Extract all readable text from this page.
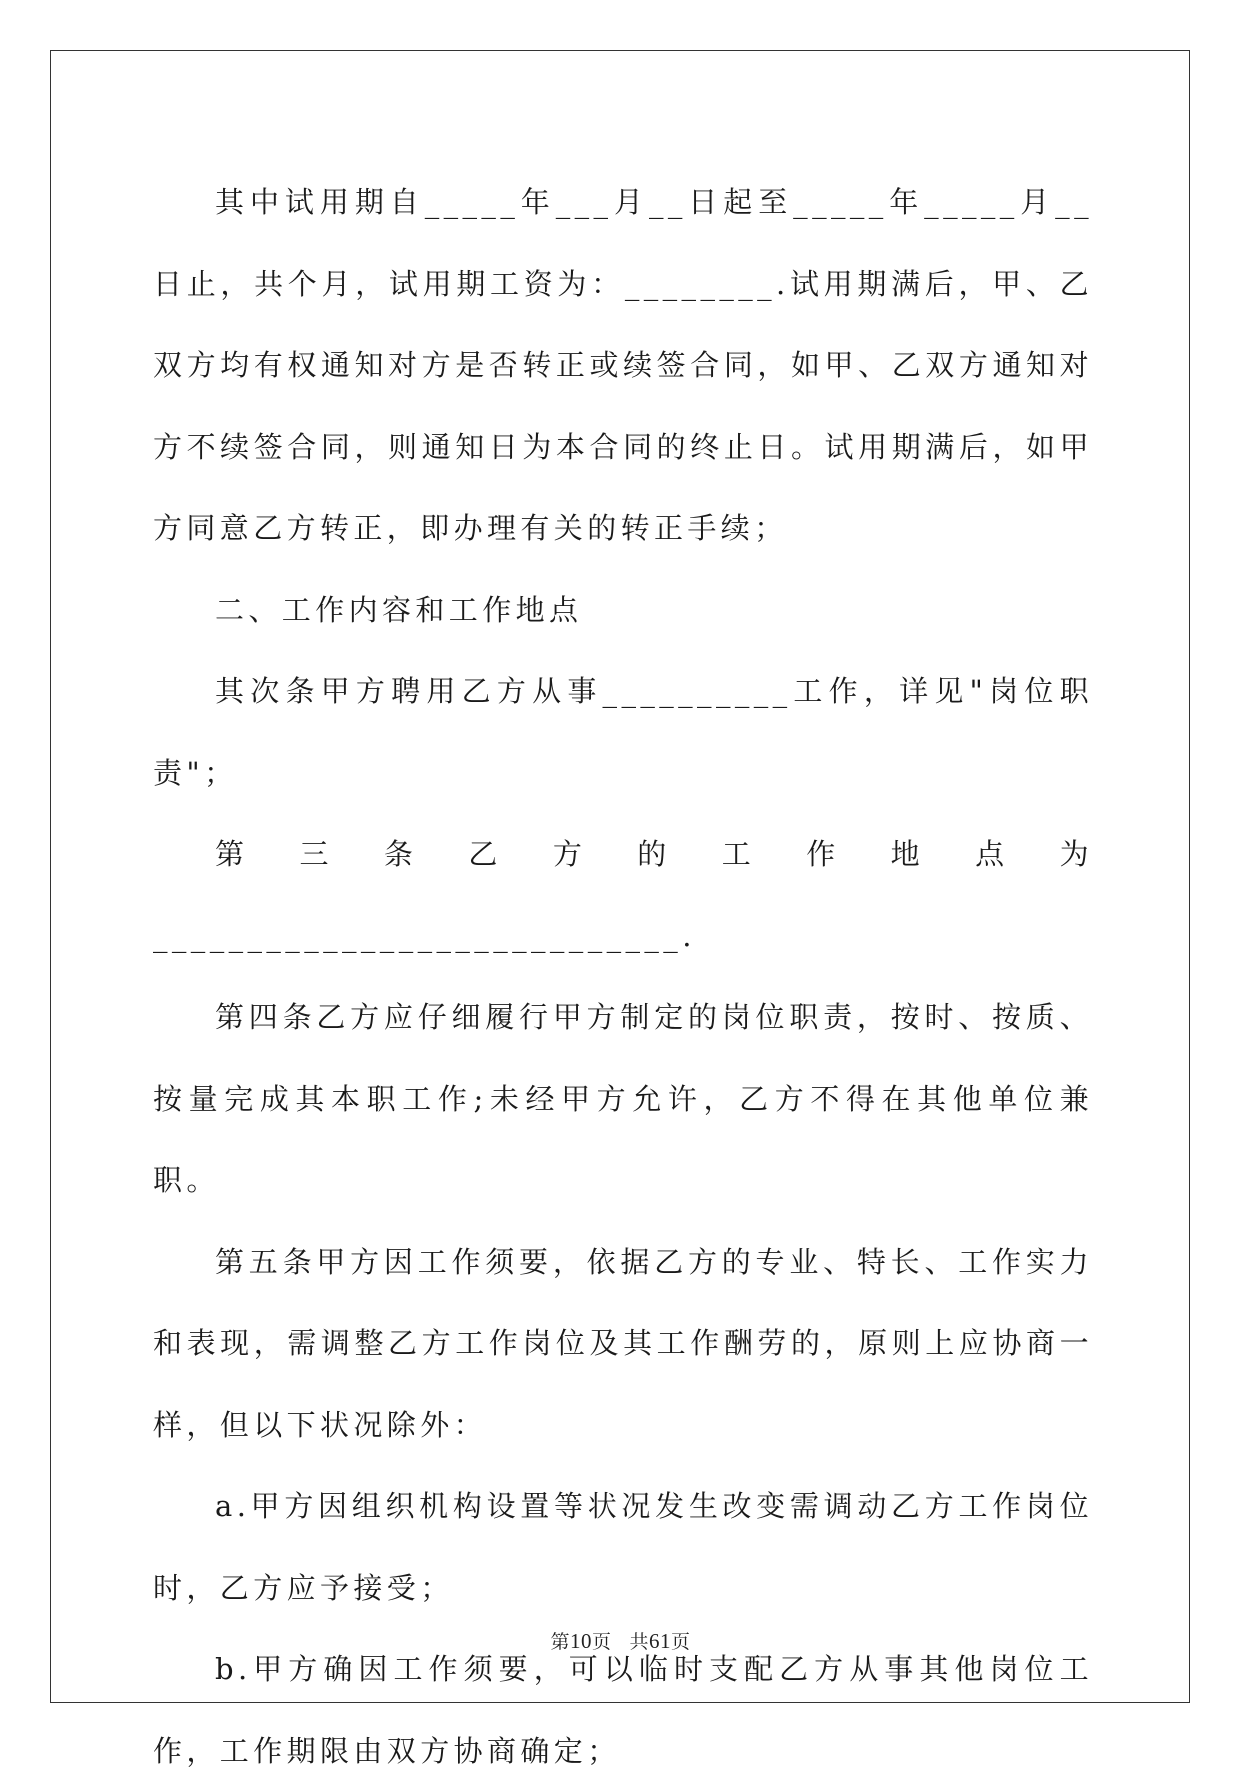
其中试用期自_____年___月__日起至_____年_____月__日止，共个月，试用期工资为：________.试用期满后，甲、乙双方均有权通知对方是否转正或续签合同，如甲、乙双方通知对方不续签合同，则通知日为本合同的终止日。试用期满后，如甲方同意乙方转正，即办理有关的转正手续；

二、工作内容和工作地点

其次条甲方聘用乙方从事__________工作，详见"岗位职责"；

第三条乙方的工作地点为____________________________.

第四条乙方应仔细履行甲方制定的岗位职责，按时、按质、按量完成其本职工作;未经甲方允许，乙方不得在其他单位兼职。

第五条甲方因工作须要，依据乙方的专业、特长、工作实力和表现，需调整乙方工作岗位及其工作酬劳的，原则上应协商一样，但以下状况除外：

a.甲方因组织机构设置等状况发生改变需调动乙方工作岗位时，乙方应予接受；

b.甲方确因工作须要，可以临时支配乙方从事其他岗位工作，工作期限由双方协商确定；

第10页 共61页
